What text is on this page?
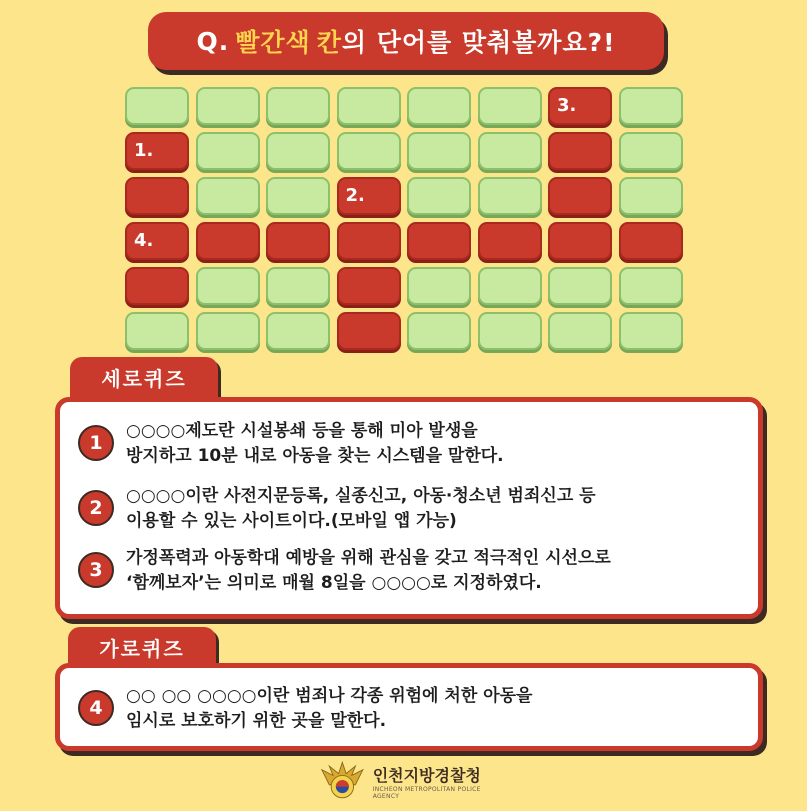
Q. 빨간색 칸 의 단어를 맞춰볼까요?!
3.
1.
2.
4.
세로퀴즈
1
○○○○제도란 시설봉쇄 등을 통해 미아 발생을
방지하고 10분 내로 아동을 찾는 시스템을 말한다.
2
○○○○이란 사전지문등록, 실종신고, 아동·청소년 범죄신고 등
이용할 수 있는 사이트이다.(모바일 앱 가능)
3
가정폭력과 아동학대 예방을 위해 관심을 갖고 적극적인 시선으로
‘함께보자’는 의미로 매월 8일을 ○○○○로 지정하였다.
가로퀴즈
4
○○ ○○ ○○○○이란 범죄나 각종 위험에 처한 아동을
임시로 보호하기 위한 곳을 말한다.
인천지방경찰청
INCHEON METROPOLITAN POLICE AGENCY
